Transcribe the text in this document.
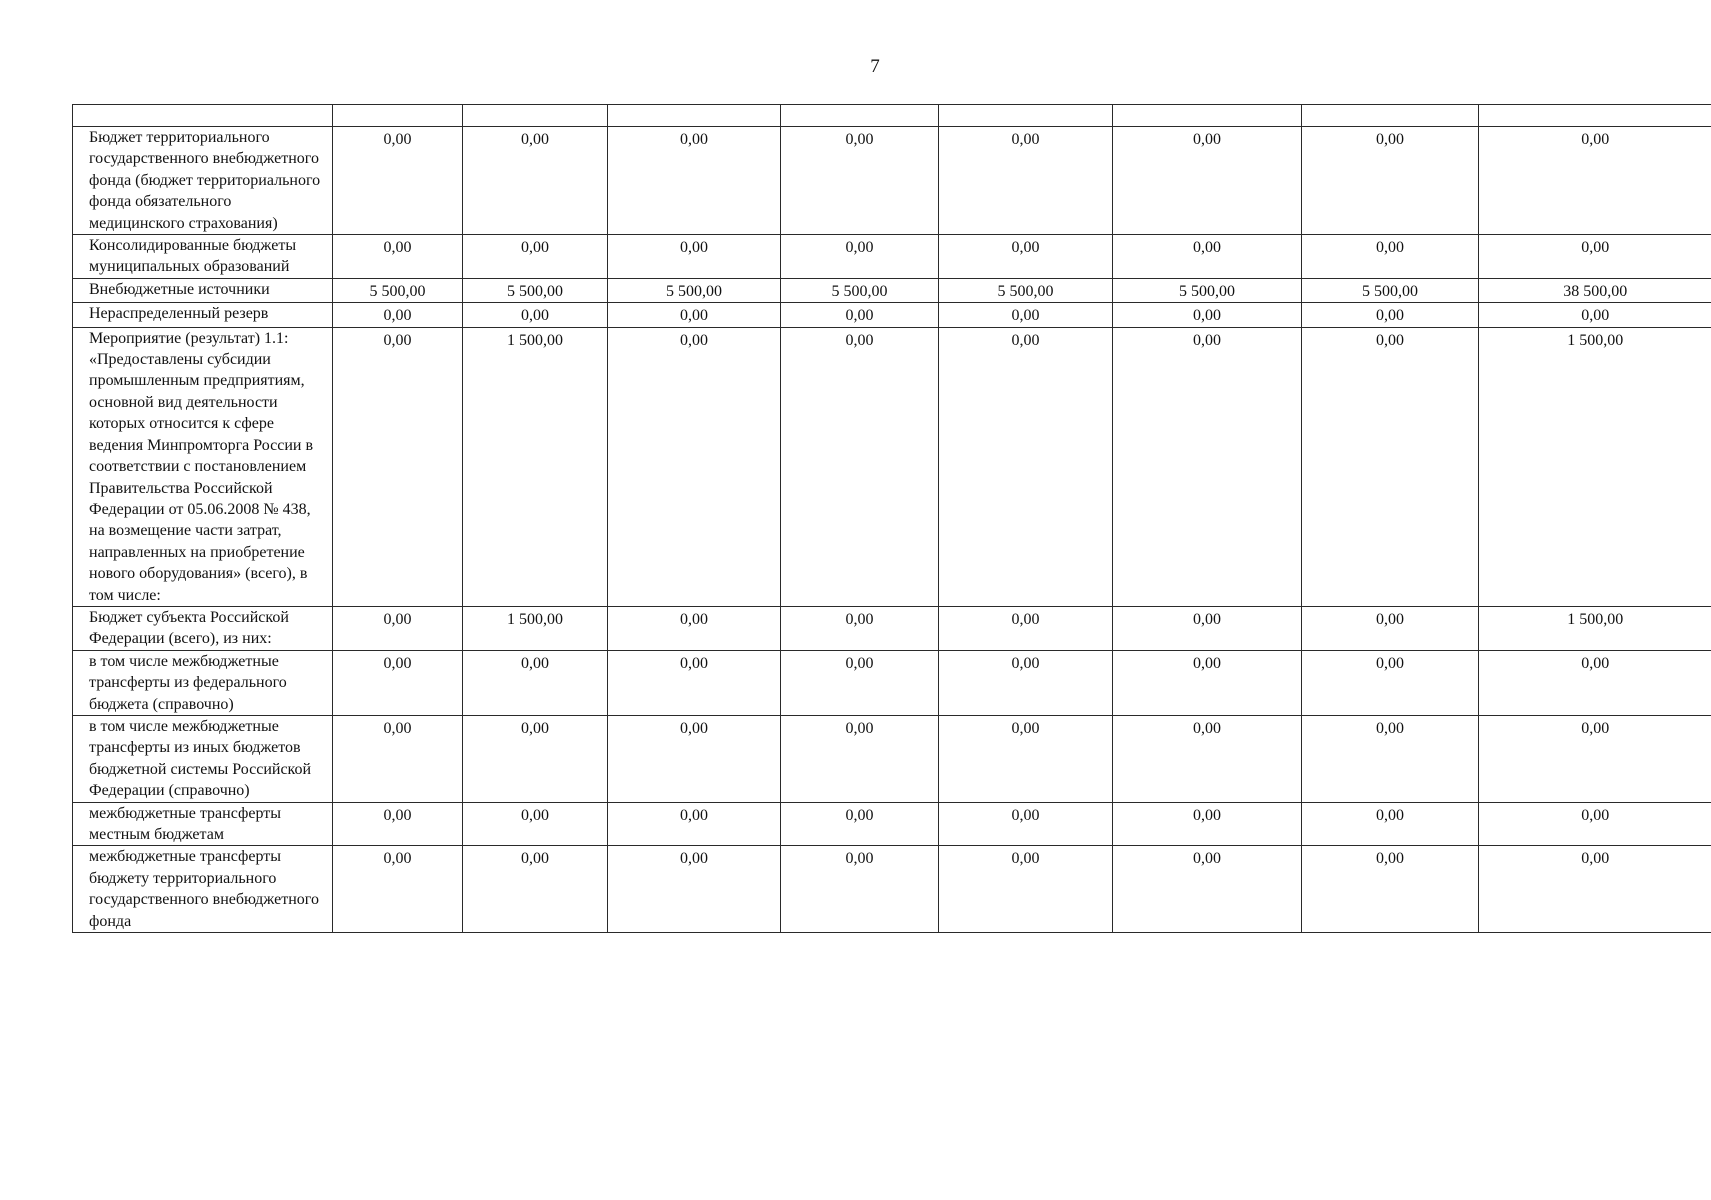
7

Бюджет территориального государственного внебюджетного фонда (бюджет территориального фонда обязательного медицинского страхования)	0,00	0,00	0,00	0,00	0,00	0,00	0,00	0,00
Консолидированные бюджеты муниципальных образований	0,00	0,00	0,00	0,00	0,00	0,00	0,00	0,00
Внебюджетные источники	5 500,00	5 500,00	5 500,00	5 500,00	5 500,00	5 500,00	5 500,00	38 500,00
Нераспределенный резерв	0,00	0,00	0,00	0,00	0,00	0,00	0,00	0,00
Мероприятие (результат) 1.1: «Предоставлены субсидии промышленным предприятиям, основной вид деятельности которых относится к сфере ведения Минпромторга России в соответствии с постановлением Правительства Российской Федерации от 05.06.2008 № 438, на возмещение части затрат, направленных на приобретение нового оборудования» (всего), в том числе:	0,00	1 500,00	0,00	0,00	0,00	0,00	0,00	1 500,00
Бюджет субъекта Российской Федерации (всего), из них:	0,00	1 500,00	0,00	0,00	0,00	0,00	0,00	1 500,00
в том числе межбюджетные трансферты из федерального бюджета (справочно)	0,00	0,00	0,00	0,00	0,00	0,00	0,00	0,00
в том числе межбюджетные трансферты из иных бюджетов бюджетной системы Российской Федерации (справочно)	0,00	0,00	0,00	0,00	0,00	0,00	0,00	0,00
межбюджетные трансферты местным бюджетам	0,00	0,00	0,00	0,00	0,00	0,00	0,00	0,00
межбюджетные трансферты бюджету территориального государственного внебюджетного фонда	0,00	0,00	0,00	0,00	0,00	0,00	0,00	0,00
